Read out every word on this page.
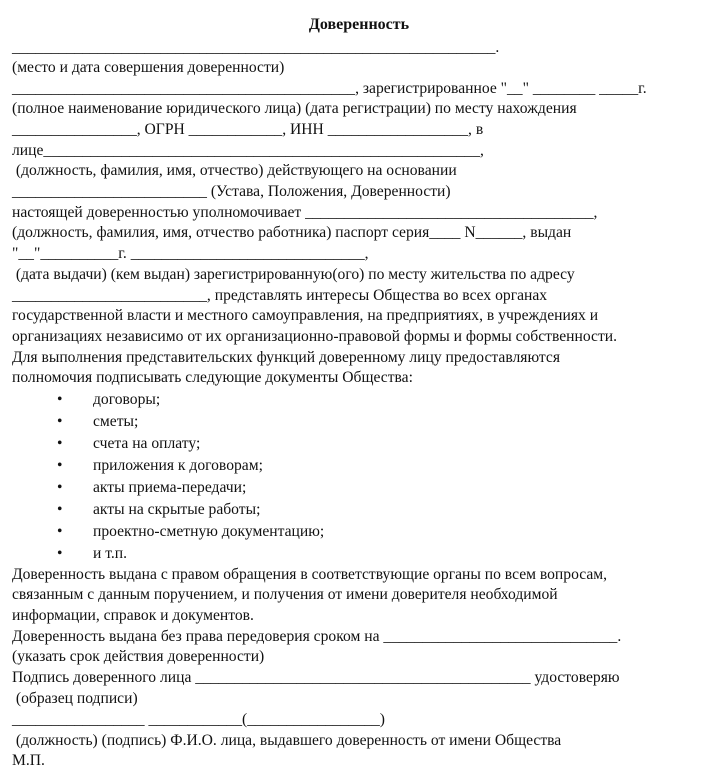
Доверенность
______________________________________________________________.
(место и дата совершения доверенности)
____________________________________________, зарегистрированное "__" ________ _____г.
(полное наименование юридического лица) (дата регистрации) по месту нахождения
________________, ОГРН ____________, ИНН __________________, в
лице________________________________________________________,
(должность, фамилия, имя, отчество) действующего на основании
_________________________ (Устава, Положения, Доверенности)
настоящей доверенностью уполномочивает _____________________________________,
(должность, фамилия, имя, отчество работника) паспорт серия____ N______, выдан
"__"__________г. ______________________________,
(дата выдачи) (кем выдан) зарегистрированную(ого) по месту жительства по адресу
_________________________, представлять интересы Общества во всех органах
государственной власти и местного самоуправления, на предприятиях, в учреждениях и
организациях независимо от их организационно-правовой формы и формы собственности.
Для выполнения представительских функций доверенному лицу предоставляются
полномочия подписывать следующие документы Общества:
• договоры;
• сметы;
• счета на оплату;
• приложения к договорам;
• акты приема-передачи;
• акты на скрытые работы;
• проектно-сметную документацию;
• и т.п.
Доверенность выдана с правом обращения в соответствующие органы по всем вопросам,
связанным с данным поручением, и получения от имени доверителя необходимой
информации, справок и документов.
Доверенность выдана без права передоверия сроком на ______________________________.
(указать срок действия доверенности)
Подпись доверенного лица ___________________________________________ удостоверяю
(образец подписи)
_________________ ____________(_________________)
(должность) (подпись) Ф.И.О. лица, выдавшего доверенность от имени Общества
М.П.
